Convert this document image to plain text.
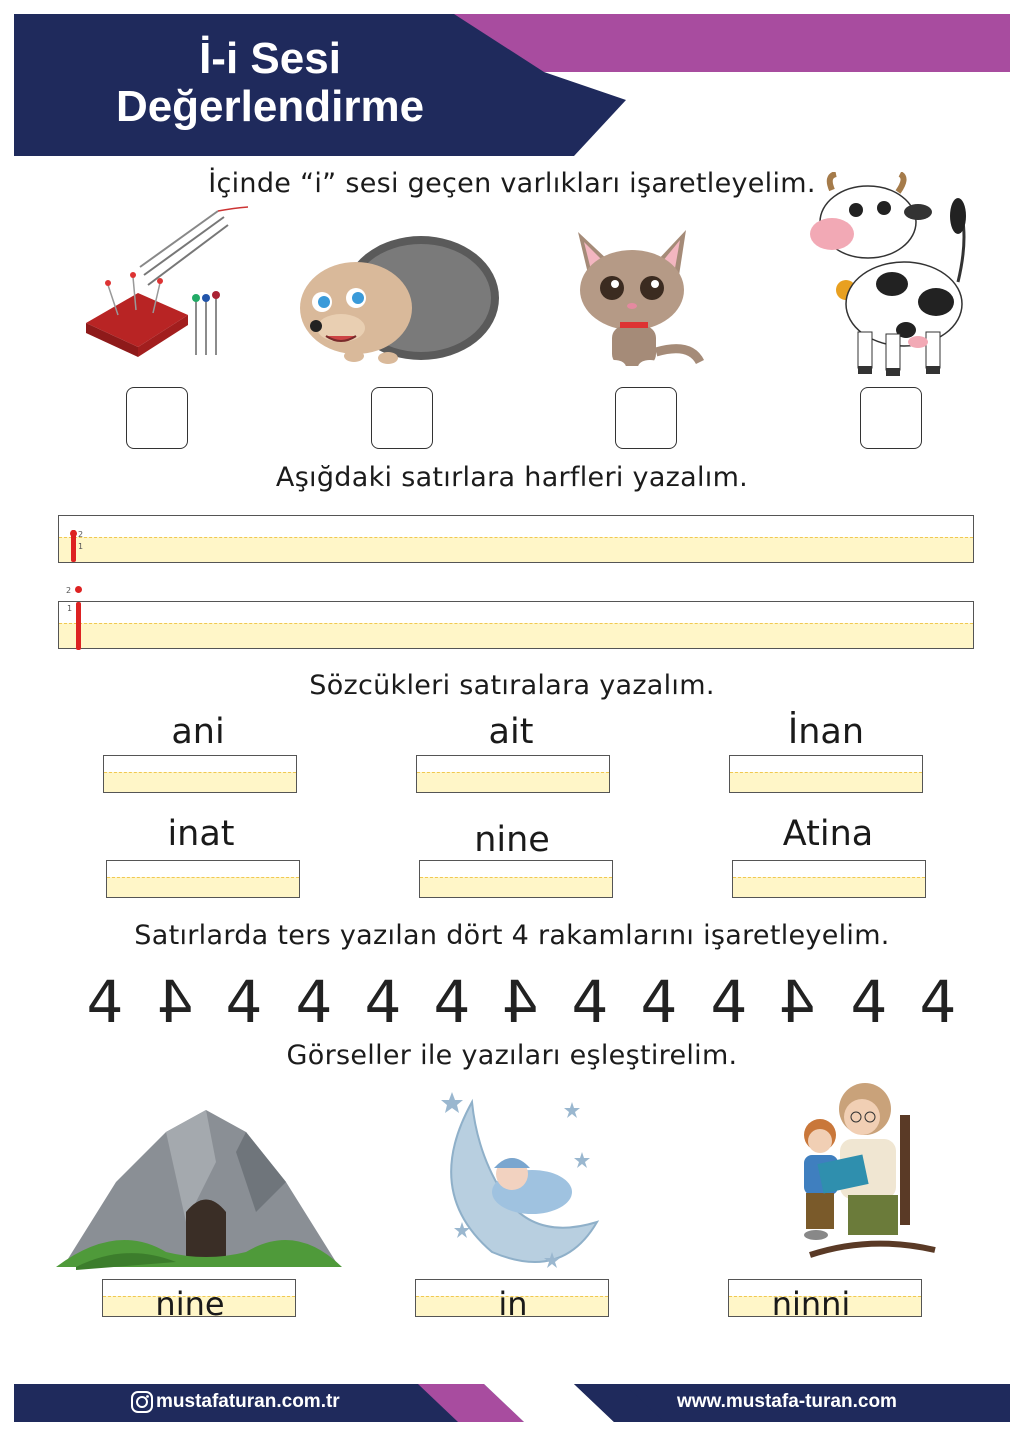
İ-i Sesi
Değerlendirme
İçinde “i” sesi geçen varlıkları işaretleyelim.
Aşığdaki satırlara harfleri yazalım.
2
1
2
1
Sözcükleri satıralara yazalım.
ani	ait	İnan
inat	nine	Atina
Satırlarda ters yazılan dört 4 rakamlarını işaretleyelim.
4 4 4 4 4 4 4 4 4 4 4 4 4
Görseller ile yazıları eşleştirelim.
nine	in	ninni
mustafaturan.com.tr	www.mustafa-turan.com
